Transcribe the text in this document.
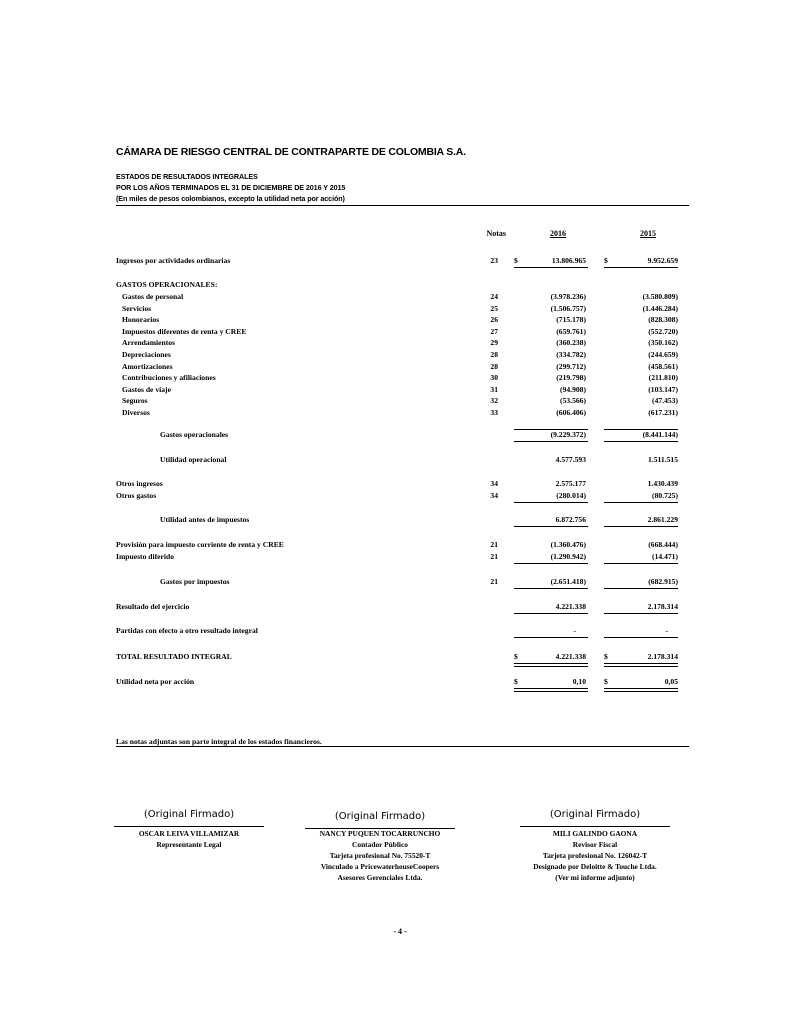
CÁMARA DE RIESGO CENTRAL DE CONTRAPARTE DE COLOMBIA S.A.
ESTADOS DE RESULTADOS INTEGRALES
POR LOS AÑOS TERMINADOS EL 31 DE DICIEMBRE DE 2016 Y 2015
(En miles de pesos colombianos, excepto la utilidad neta por acción)
Notas	2016	2015
Ingresos por actividades ordinarias	23 $	13.806.965 $	9.952.659
GASTOS OPERACIONALES:
Gastos de personal	24	(3.978.236)	(3.580.809)
Servicios	25	(1.506.757)	(1.446.284)
Honorarios	26	(715.178)	(828.308)
Impuestos diferentes de renta y CREE	27	(659.761)	(552.720)
Arrendamientos	29	(360.238)	(350.162)
Depreciaciones	28	(334.782)	(244.659)
Amortizaciones	28	(299.712)	(458.561)
Contribuciones y afiliaciones	30	(219.798)	(211.810)
Gastos de viaje	31	(94.908)	(103.147)
Seguros	32	(53.566)	(47.453)
Diversos	33	(606.406)	(617.231)
Gastos operacionales	(9.229.372)	(8.441.144)
Utilidad operacional	4.577.593	1.511.515
Otros ingresos	34	2.575.177	1.430.439
Otros gastos	34	(280.014)	(80.725)
Utilidad antes de impuestos	6.872.756	2.861.229
Provisión para impuesto corriente de renta y CREE	21	(1.360.476)	(668.444)
Impuesto diferido	21	(1.290.942)	(14.471)
Gastos por impuestos	21	(2.651.418)	(682.915)
Resultado del ejercicio	4.221.338	2.178.314
Partidas con efecto a otro resultado integral	-	-
TOTAL RESULTADO INTEGRAL	$	4.221.338 $	2.178.314
Utilidad neta por acción	$	0,10 $	0,05
Las notas adjuntas son parte integral de los estados financieros.
(Original Firmado)
OSCAR LEIVA VILLAMIZAR
Representante Legal
(Original Firmado)
NANCY PUQUEN TOCARRUNCHO
Contador Público
Tarjeta profesional No. 75520-T
Vinculado a PricewaterhouseCoopers
Asesores Gerenciales Ltda.
(Original Firmado)
MILI GALINDO GAONA
Revisor Fiscal
Tarjeta profesional No. 126042-T
Designado por Deloitte & Touche Ltda.
(Ver mi informe adjunto)
- 4 -
